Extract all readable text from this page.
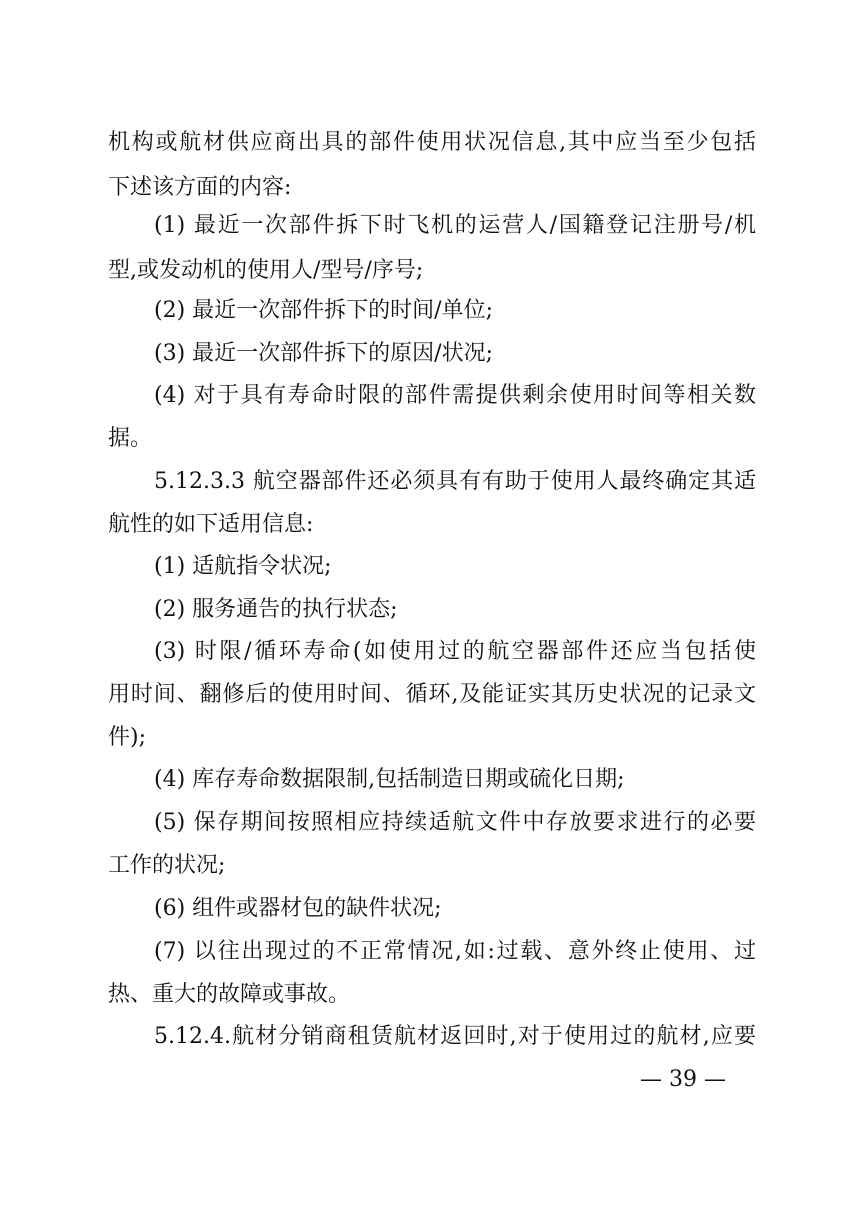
机构或航材供应商出具的部件使用状况信息,其中应当至少包括
下述该方面的内容:
(1) 最近一次部件拆下时飞机的运营人/国籍登记注册号/机
型,或发动机的使用人/型号/序号;
(2) 最近一次部件拆下的时间/单位;
(3) 最近一次部件拆下的原因/状况;
(4) 对于具有寿命时限的部件需提供剩余使用时间等相关数
据。
5.12.3.3 航空器部件还必须具有有助于使用人最终确定其适
航性的如下适用信息:
(1) 适航指令状况;
(2) 服务通告的执行状态;
(3) 时限/循环寿命(如使用过的航空器部件还应当包括使
用时间、翻修后的使用时间、循环,及能证实其历史状况的记录文
件);
(4) 库存寿命数据限制,包括制造日期或硫化日期;
(5) 保存期间按照相应持续适航文件中存放要求进行的必要
工作的状况;
(6) 组件或器材包的缺件状况;
(7) 以往出现过的不正常情况,如:过载、意外终止使用、过
热、重大的故障或事故。
5.12.4.航材分销商租赁航材返回时,对于使用过的航材,应要
— 39 —
